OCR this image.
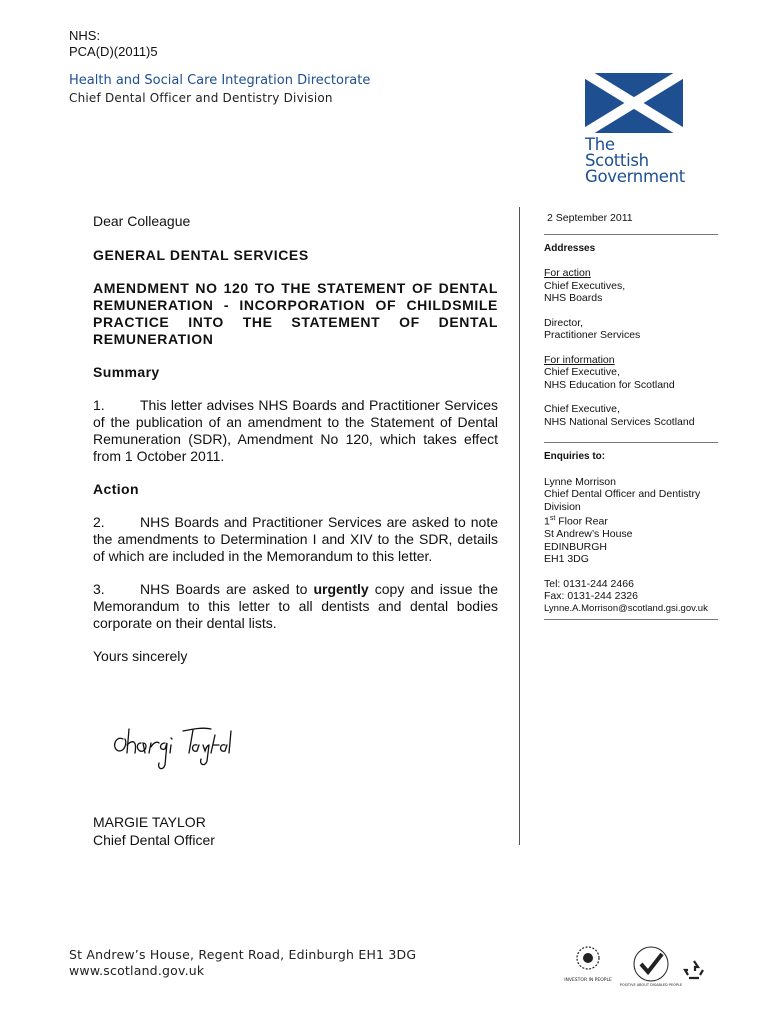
NHS:
PCA(D)(2011)5
Health and Social Care Integration Directorate
Chief Dental Officer and Dentistry Division
The Scottish
Government
Dear Colleague
GENERAL DENTAL SERVICES
AMENDMENT NO 120 TO THE STATEMENT OF DENTAL REMUNERATION - INCORPORATION OF CHILDSMILE PRACTICE INTO THE STATEMENT OF DENTAL REMUNERATION
Summary
1.	This letter advises NHS Boards and Practitioner Services of the publication of an amendment to the Statement of Dental Remuneration (SDR), Amendment No 120, which takes effect from 1 October 2011.
Action
2.	NHS Boards and Practitioner Services are asked to note the amendments to Determination I and XIV to the SDR, details of which are included in the Memorandum to this letter.
3.	NHS Boards are asked to urgently copy and issue the Memorandum to this letter to all dentists and dental bodies corporate on their dental lists.
Yours sincerely
MARGIE TAYLOR
Chief Dental Officer
2 September 2011
Addresses
For action
Chief Executives,
NHS Boards
Director,
Practitioner Services
For information
Chief Executive,
NHS Education for Scotland
Chief Executive,
NHS National Services Scotland
Enquiries to:
Lynne Morrison
Chief Dental Officer and Dentistry
Division
1st Floor Rear
St Andrew’s House
EDINBURGH
EH1 3DG
Tel: 0131-244 2466
Fax: 0131-244 2326
Lynne.A.Morrison@scotland.gsi.gov.uk
St Andrew’s House, Regent Road, Edinburgh EH1 3DG
www.scotland.gov.uk
INVESTOR IN PEOPLE
POSITIVE ABOUT DISABLED PEOPLE
